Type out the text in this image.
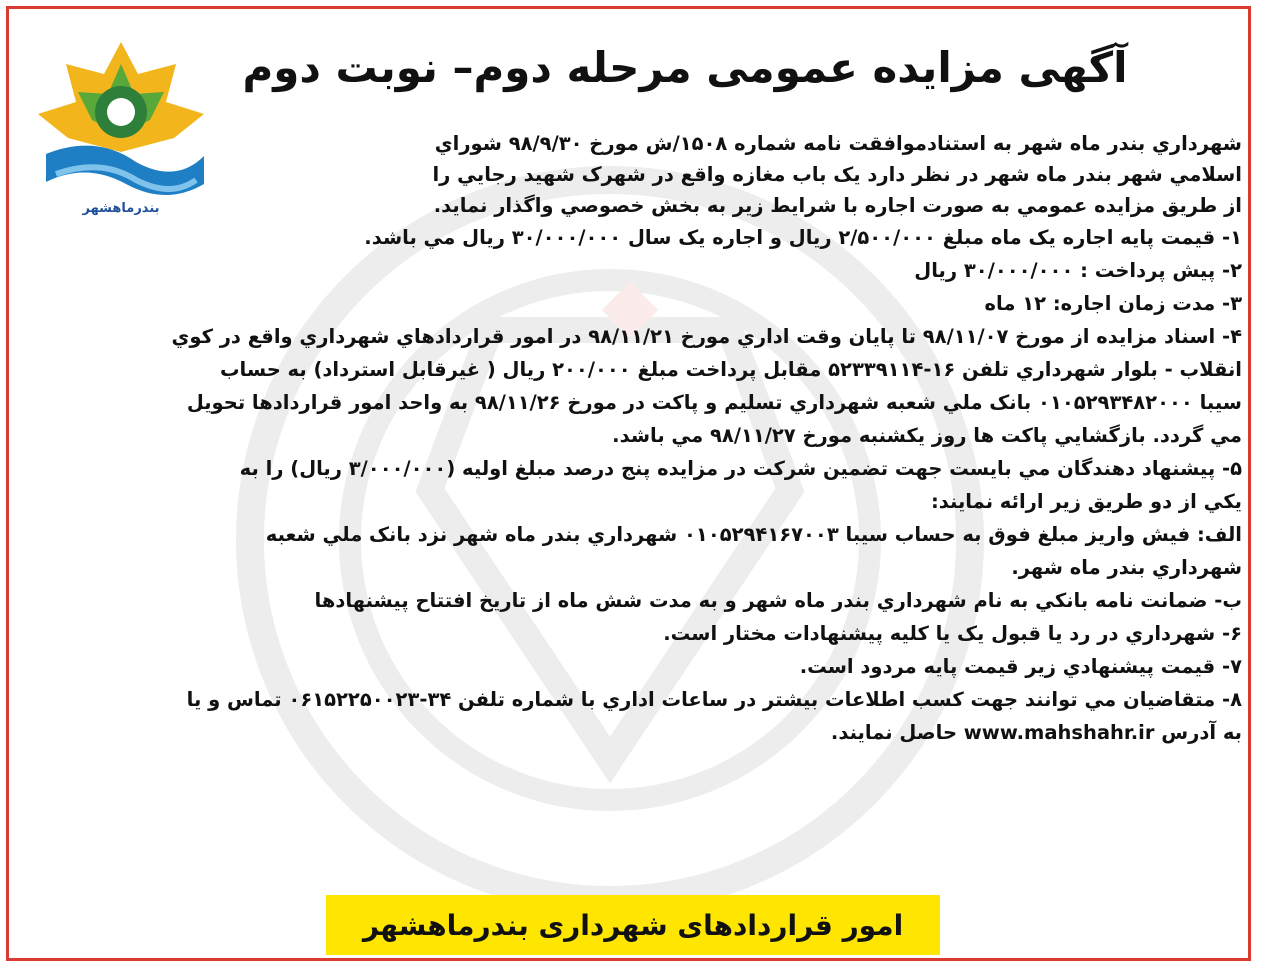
بندرماهشهر
آگهی مزایده عمومی مرحله دوم– نوبت دوم
شهرداري بندر ماه شهر به استنادموافقت نامه شماره ۱۵۰۸/ش مورخ ۹۸/۹/۳۰ شوراي
اسلامي شهر بندر ماه شهر در نظر دارد يک باب مغازه واقع در شهرک شهيد رجايي را
از طريق مزايده عمومي به صورت اجاره با شرايط زير به بخش خصوصي واگذار نمايد.
۱- قيمت پايه اجاره يک ماه مبلغ ۲/۵۰۰/۰۰۰ ريال و اجاره يک سال ۳۰/۰۰۰/۰۰۰ ريال مي باشد.
۲- پيش پرداخت : ۳۰/۰۰۰/۰۰۰ ريال
۳- مدت زمان اجاره: ۱۲ ماه
۴- اسناد مزايده از مورخ ۹۸/۱۱/۰۷ تا پايان وقت اداري مورخ ۹۸/۱۱/۲۱ در امور قراردادهاي شهرداري واقع در کوي
انقلاب - بلوار شهرداري تلفن ۱۶-۵۲۳۳۹۱۱۴ مقابل پرداخت مبلغ ۲۰۰/۰۰۰ ريال ( غيرقابل استرداد) به حساب
سيبا ۰۱۰۵۲۹۳۴۸۲۰۰۰ بانک ملي شعبه شهرداري تسليم و پاکت در مورخ ۹۸/۱۱/۲۶ به واحد امور قراردادها تحويل
مي گردد. بازگشايي پاکت ها روز يکشنبه مورخ ۹۸/۱۱/۲۷ مي باشد.
۵- پيشنهاد دهندگان مي بايست جهت تضمين شرکت در مزايده پنج درصد مبلغ اوليه (۳/۰۰۰/۰۰۰ ريال) را به
يکي از دو طريق زير ارائه نمايند:
الف: فيش واريز مبلغ فوق به حساب سيبا ۰۱۰۵۲۹۴۱۶۷۰۰۳ شهرداري بندر ماه شهر نزد بانک ملي شعبه
شهرداري بندر ماه شهر.
ب- ضمانت نامه بانکي به نام شهرداري بندر ماه شهر و به مدت شش ماه از تاريخ افتتاح پيشنهادها
۶- شهرداري در رد يا قبول يک يا کليه پيشنهادات مختار است.
۷- قيمت پيشنهادي زير قيمت پايه مردود است.
۸- متقاضيان مي توانند جهت کسب اطلاعات بيشتر در ساعات اداري با شماره تلفن ۳۴-۰۶۱۵۲۲۵۰۰۲۳ تماس و يا
به آدرس www.mahshahr.ir حاصل نمايند.
امور قراردادهای شهرداری بندرماهشهر
